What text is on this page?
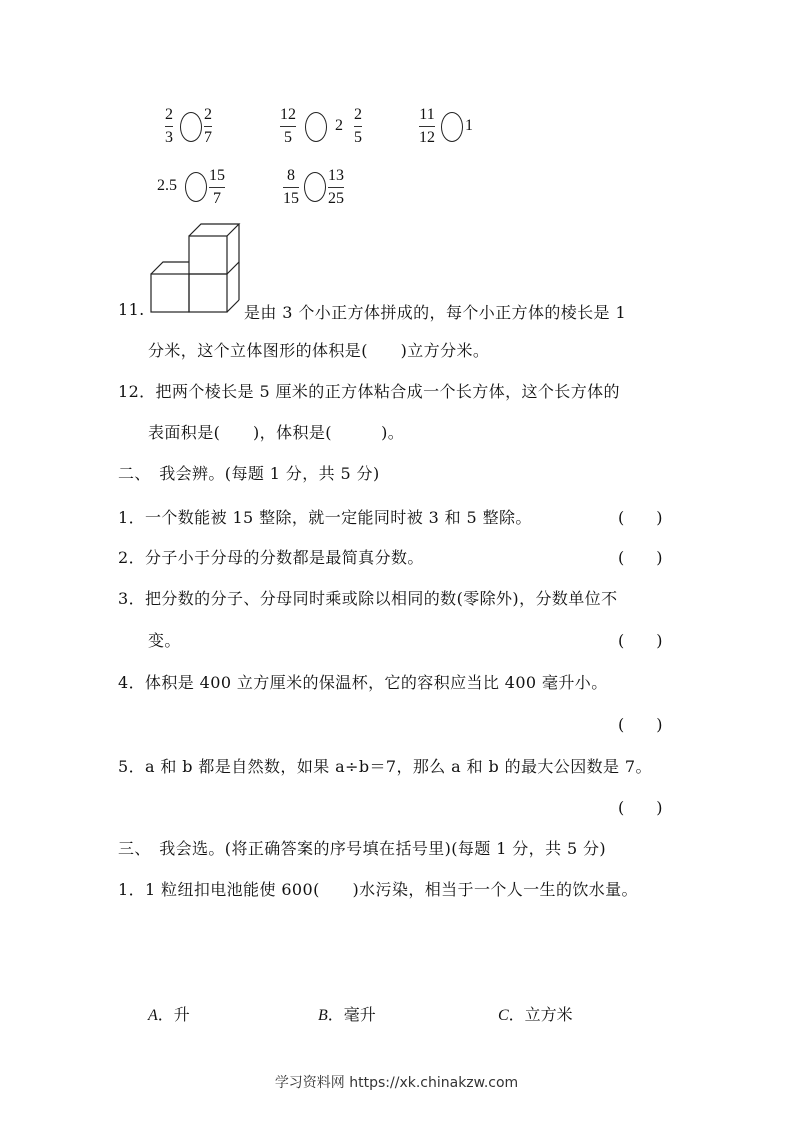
2
3
2
7
12
5
2
2
5
11
12
1
2.5
15
7
8
15
13
25
11.	是由 3 个小正方体拼成的，每个小正方体的棱长是 1
分米，这个立体图形的体积是(　　)立方分米。
12．把两个棱长是 5 厘米的正方体粘合成一个长方体，这个长方体的
表面积是(　　)，体积是(　　　)。
二、　我会辨。(每题 1 分，共 5 分)
1．一个数能被 15 整除，就一定能同时被 3 和 5 整除。	(　　)
2．分子小于分母的分数都是最简真分数。	(　　)
3．把分数的分子、分母同时乘或除以相同的数(零除外)，分数单位不
变。	(　　)
4．体积是 400 立方厘米的保温杯，它的容积应当比 400 毫升小。
(　　)
5．a 和 b 都是自然数，如果 a÷b＝7，那么 a 和 b 的最大公因数是 7。
(　　)
三、　我会选。(将正确答案的序号填在括号里)(每题 1 分，共 5 分)
1．1 粒纽扣电池能使 600(　　)水污染，相当于一个人一生的饮水量。
A．升	B．毫升	C．立方米
学习资料网 https://xk.chinakzw.com
